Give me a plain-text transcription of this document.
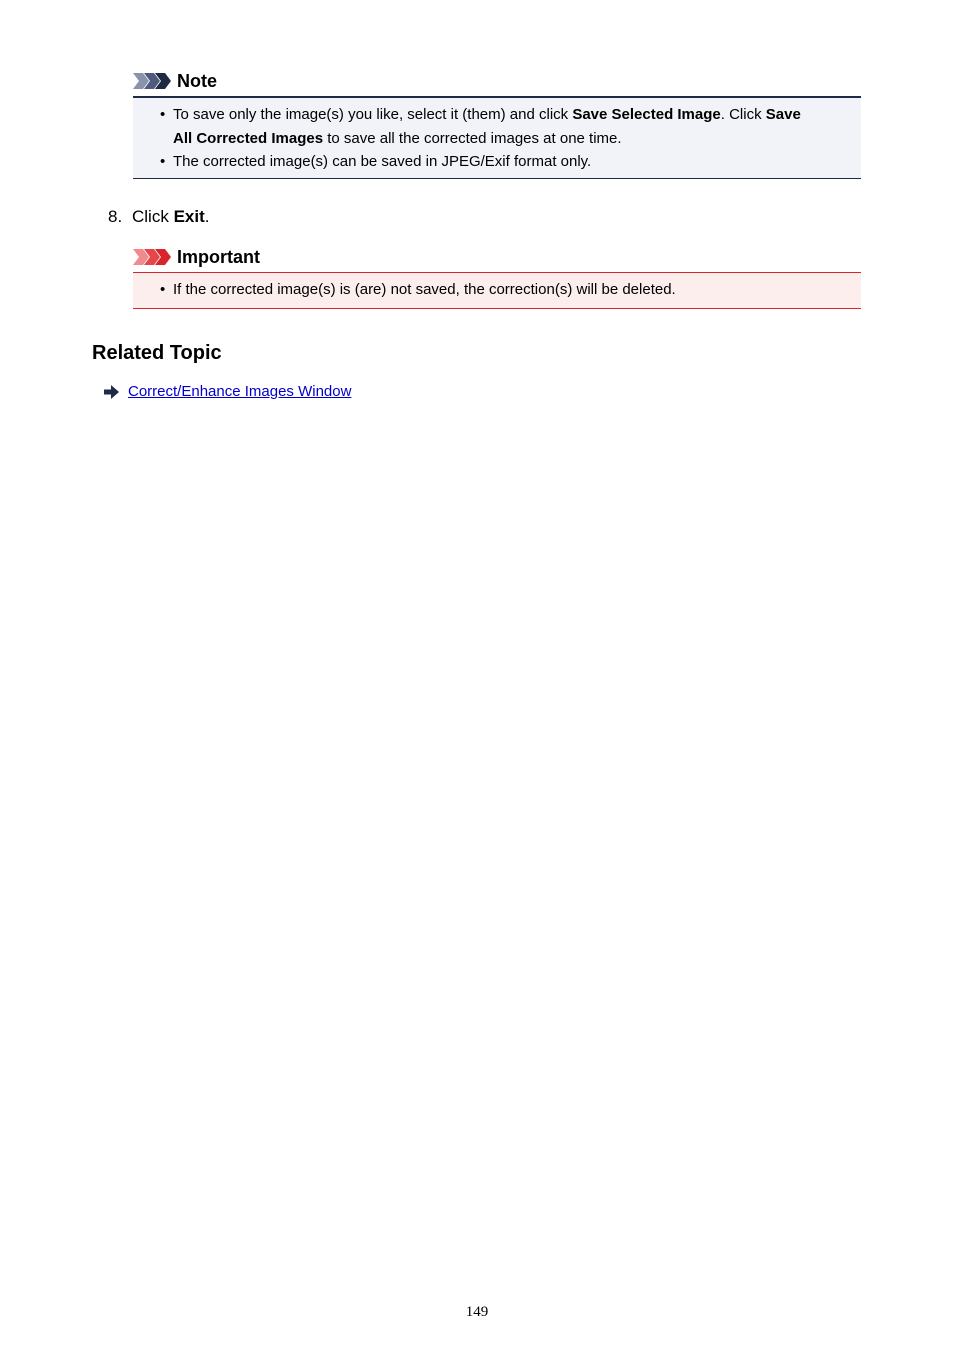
Note
• To save only the image(s) you like, select it (them) and click Save Selected Image. Click Save
All Corrected Images to save all the corrected images at one time.
• The corrected image(s) can be saved in JPEG/Exif format only.
8. Click Exit.
Important
• If the corrected image(s) is (are) not saved, the correction(s) will be deleted.
Related Topic
Correct/Enhance Images Window
149
